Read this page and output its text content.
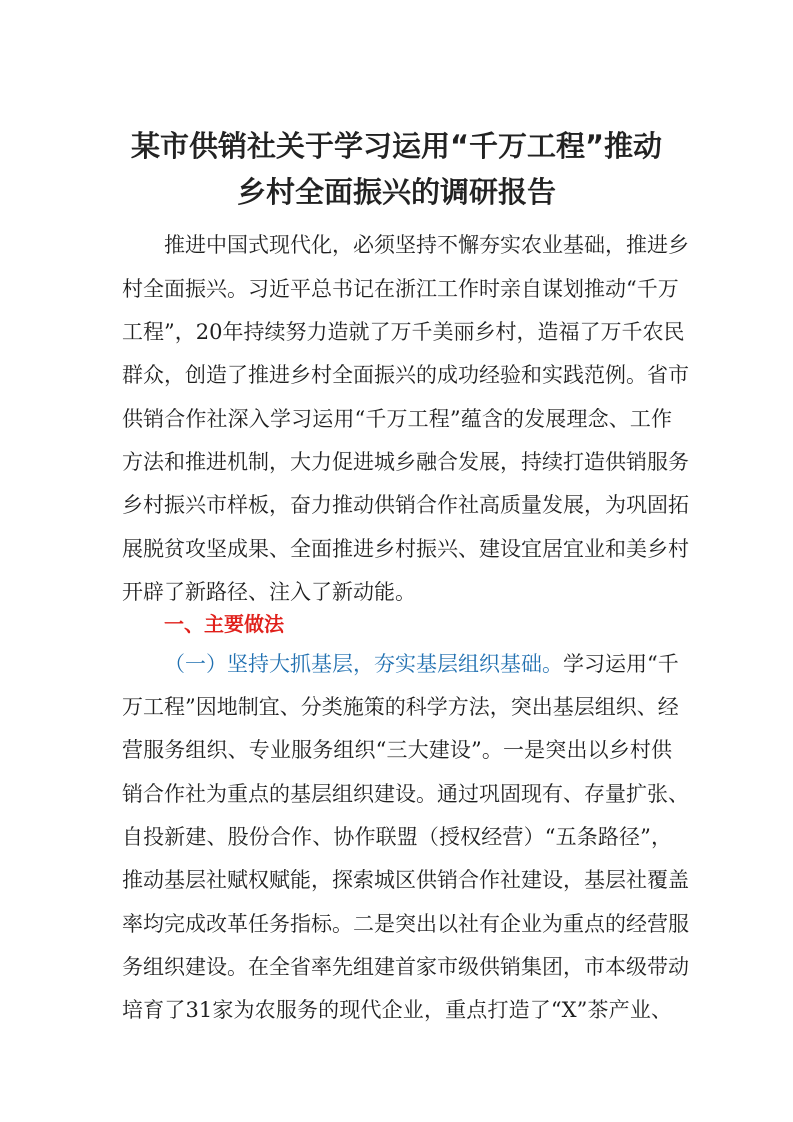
某市供销社关于学习运用“千万工程”推动
乡村全面振兴的调研报告

推进中国式现代化，必须坚持不懈夯实农业基础，推进乡

村全面振兴。习近平总书记在浙江工作时亲自谋划推动“千万

工程”，20年持续努力造就了万千美丽乡村，造福了万千农民

群众，创造了推进乡村全面振兴的成功经验和实践范例。省市

供销合作社深入学习运用“千万工程”蕴含的发展理念、工作

方法和推进机制，大力促进城乡融合发展，持续打造供销服务

乡村振兴市样板，奋力推动供销合作社高质量发展，为巩固拓

展脱贫攻坚成果、全面推进乡村振兴、建设宜居宜业和美乡村

开辟了新路径、注入了新动能。

一、主要做法

（一）坚持大抓基层，夯实基层组织基础。学习运用“千

万工程”因地制宜、分类施策的科学方法，突出基层组织、经

营服务组织、专业服务组织“三大建设”。一是突出以乡村供

销合作社为重点的基层组织建设。通过巩固现有、存量扩张、

自投新建、股份合作、协作联盟（授权经营）“五条路径”，

推动基层社赋权赋能，探索城区供销合作社建设，基层社覆盖

率均完成改革任务指标。二是突出以社有企业为重点的经营服

务组织建设。在全省率先组建首家市级供销集团，市本级带动

培育了31家为农服务的现代企业，重点打造了“X”茶产业、
